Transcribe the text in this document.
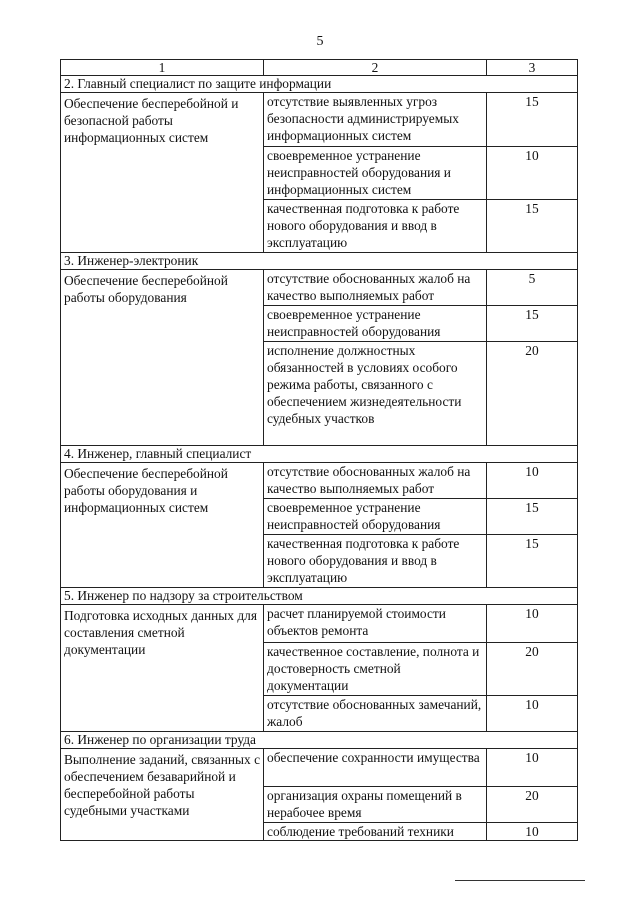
5
1	2	3
2. Главный специалист по защите информации		
Обеспечение бесперебойной и безопасной работы информационных систем	отсутствие выявленных угроз безопасности администрируемых информационных систем	15
	своевременное устранение неисправностей оборудования и информационных систем	10
	качественная подготовка к работе нового оборудования и ввод в эксплуатацию	15
3. Инженер-электроник		
Обеспечение бесперебойной работы оборудования	отсутствие обоснованных жалоб на качество выполняемых работ	5
	своевременное устранение неисправностей оборудования	15
	исполнение должностных обязанностей в условиях особого режима работы, связанного с обеспечением жизнедеятельности судебных участков	20
4. Инженер, главный специалист		
Обеспечение бесперебойной работы оборудования и информационных систем	отсутствие обоснованных жалоб на качество выполняемых работ	10
	своевременное устранение неисправностей оборудования	15
	качественная подготовка к работе нового оборудования и ввод в эксплуатацию	15
5. Инженер по надзору за строительством		
Подготовка исходных данных для составления сметной документации	расчет планируемой стоимости объектов ремонта	10
	качественное составление, полнота и достоверность сметной документации	20
	отсутствие обоснованных замечаний, жалоб	10
6. Инженер по организации труда		
Выполнение заданий, связанных с обеспечением безаварийной и бесперебойной работы судебными участками	обеспечение сохранности имущества	10
	организация охраны помещений в нерабочее время	20
	соблюдение требований техники	10
